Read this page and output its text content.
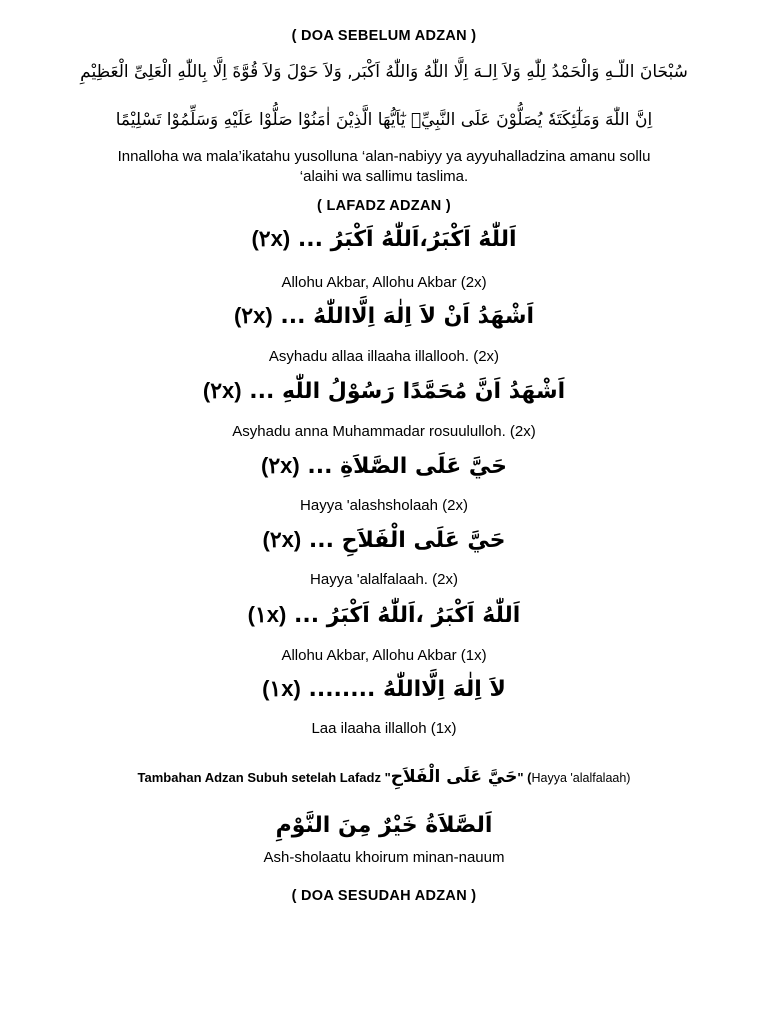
( DOA SEBELUM ADZAN )
سُبْحَانَ اللّـهِ وَالْحَمْدُ لِلّٰهِ وَلاَ اِلـهَ اِلَّا اللّٰهُ وَاللّٰهُ اَكْبَر, وَلاَ حَوْلَ وَلاَ قُوَّةَ اِلَّا بِاللّٰهِ الْعَلِىِّ الْعَظِيْمِ
اِنَّ اللّٰهَ وَمَلٰٓئِكَتَهٗ يُصَلُّوْنَ عَلَى النَّبِيِّۗ يٰٓاَيُّهَا الَّذِيْنَ اٰمَنُوْا صَلُّوْا عَلَيْهِ وَسَلِّمُوْا تَسْلِيْمًا
Innalloha wa mala’ikatahu yusolluna ‘alan-nabiyy ya ayyuhalladzina amanu sollu
‘alaihi wa sallimu taslima.
( LAFADZ ADZAN )
اَللّٰهُ اَكْبَرُ،اَللّٰهُ اَكْبَرُ ... (٢x)
Allohu Akbar, Allohu Akbar (2x)
اَشْهَدُ اَنْ لاَ اِلٰهَ اِلَّااللّٰهُ ... (٢x)
Asyhadu allaa illaaha illallooh. (2x)
اَشْهَدُ اَنَّ مُحَمَّدًا رَسُوْلُ اللّٰهِ ... (٢x)
Asyhadu anna Muhammadar rosuululloh. (2x)
حَيَّ عَلَى الصَّلاَةِ ... (٢x)
Hayya 'alashsholaah (2x)
حَيَّ عَلَى الْفَلاَحِ ... (٢x)
Hayya 'alalfalaah. (2x)
اَللّٰهُ اَكْبَرُ ،اَللّٰهُ اَكْبَرُ ... (١x)
Allohu Akbar, Allohu Akbar (1x)
لاَ اِلٰهَ اِلَّااللّٰهُ ........ (١x)
Laa ilaaha illalloh (1x)
Tambahan Adzan Subuh setelah Lafadz "حَيَّ عَلَى الْفَلاَحِ" (Hayya 'alalfalaah)
اَلصَّلاَةُ خَيْرٌ مِنَ النَّوْمِ
Ash-sholaatu khoirum minan-nauum
( DOA SESUDAH ADZAN )
